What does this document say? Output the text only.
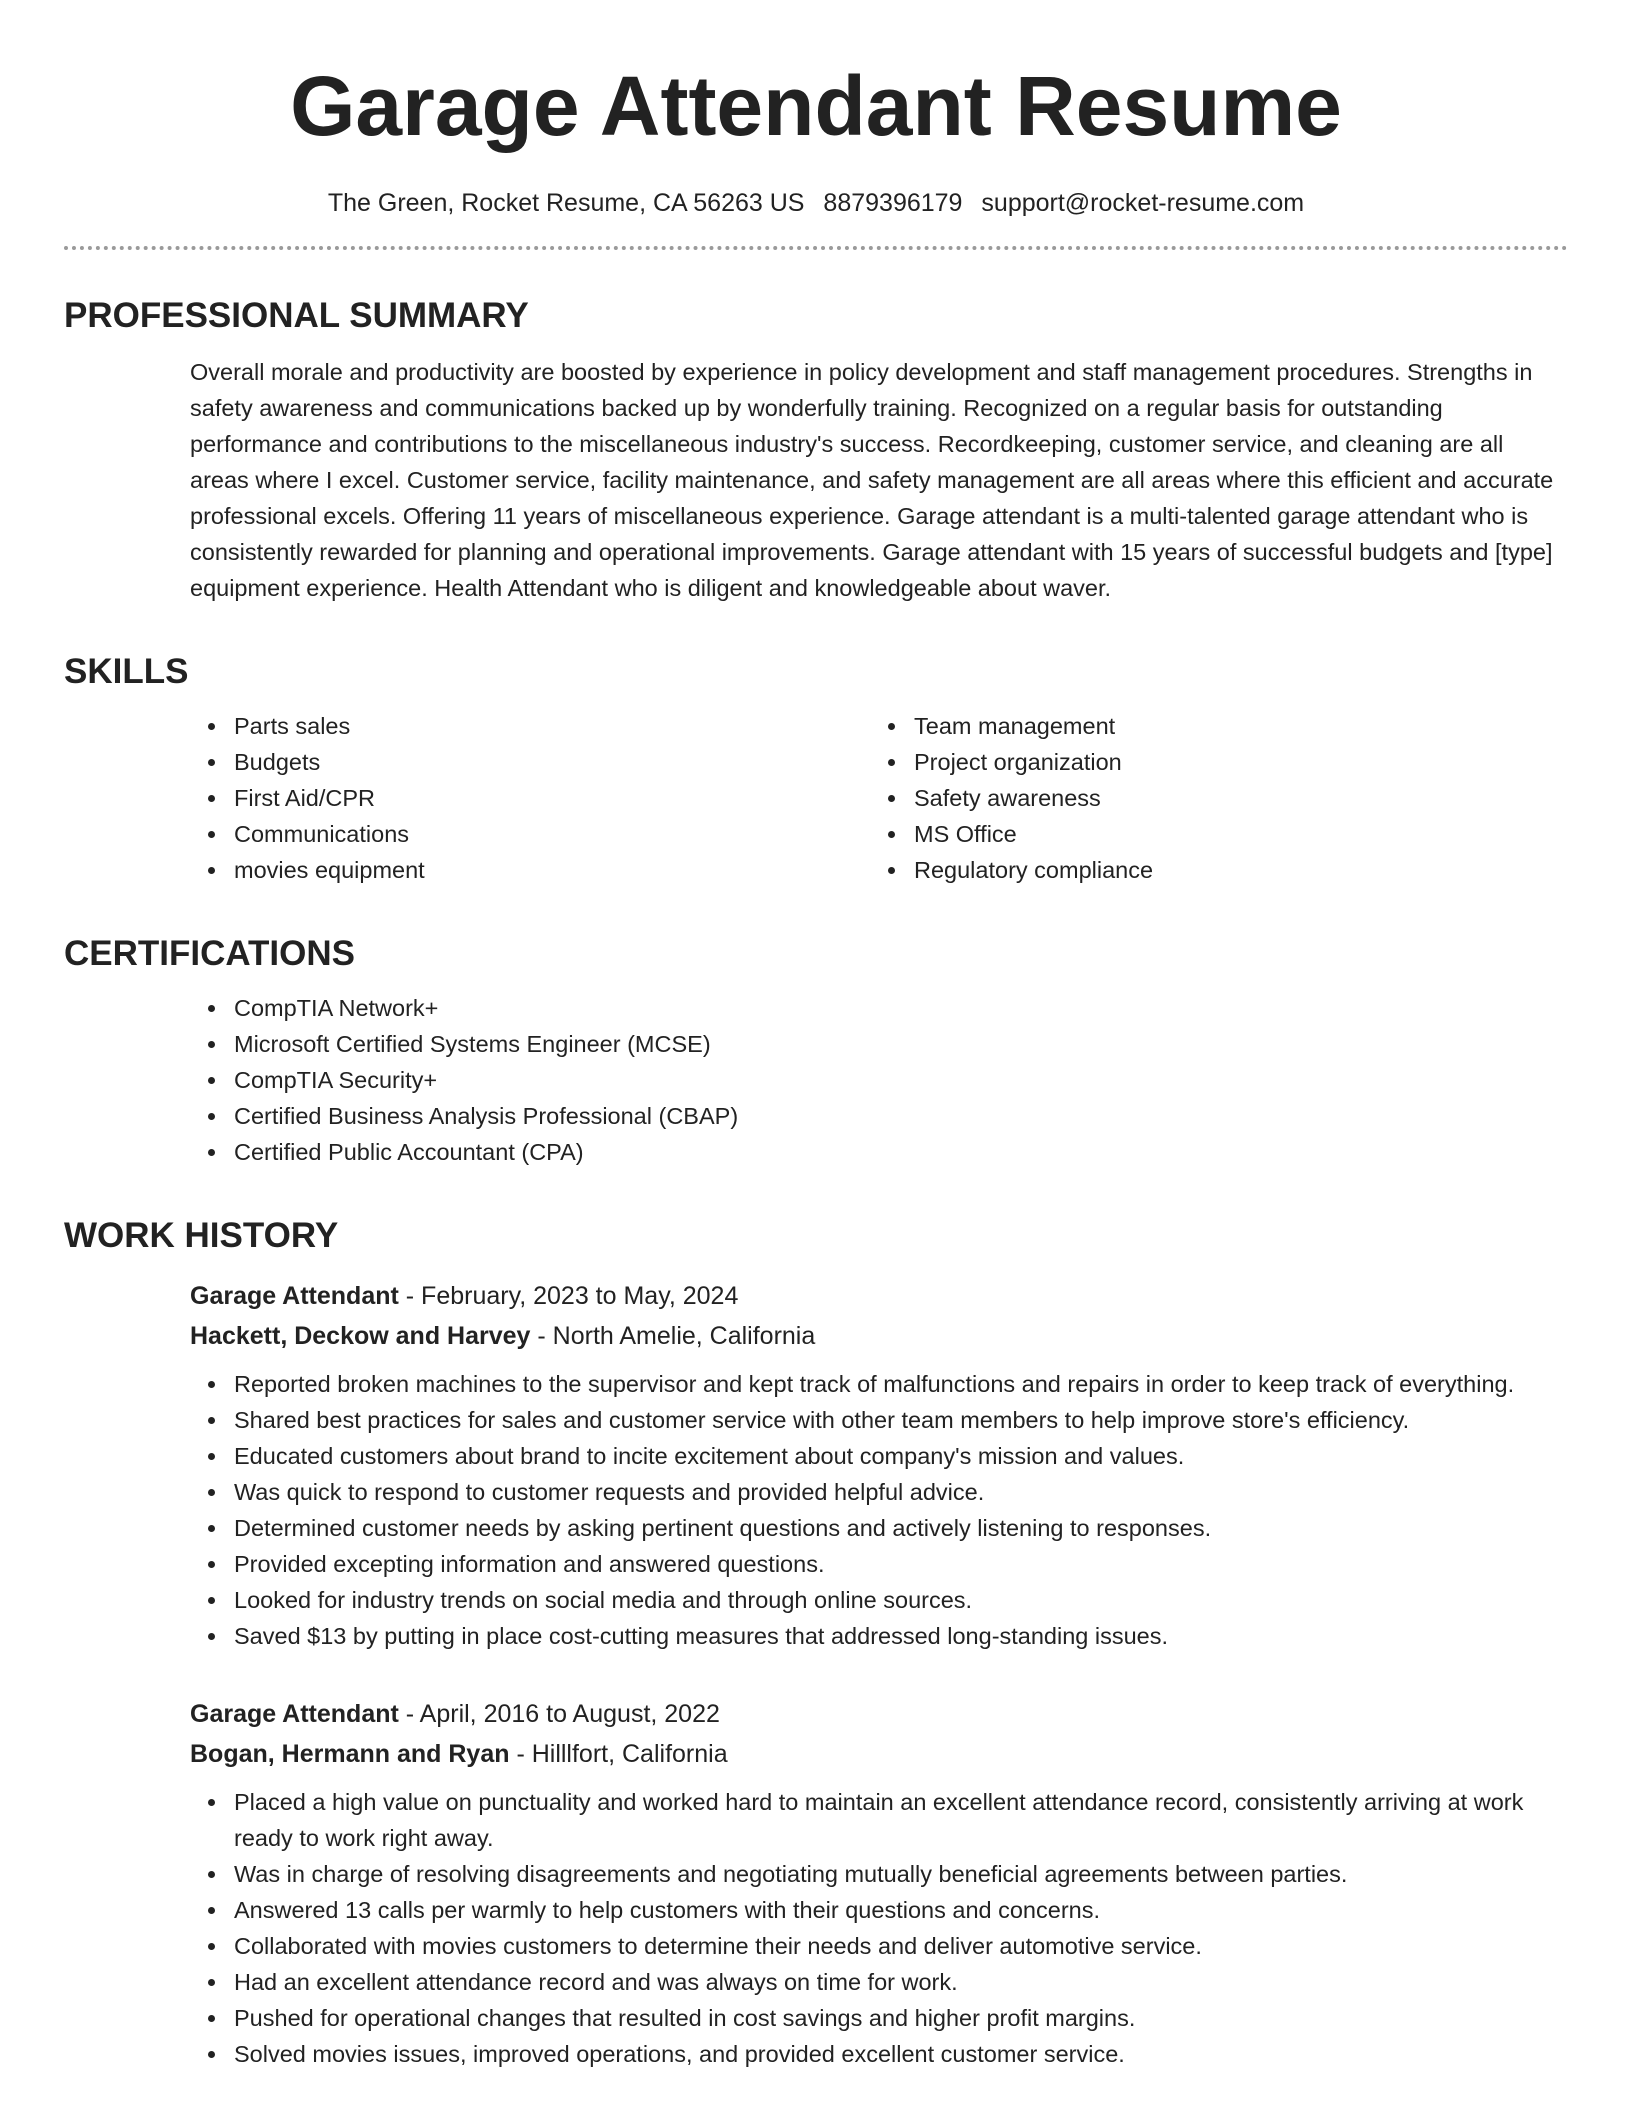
Garage Attendant Resume
The Green, Rocket Resume, CA 56263 US 8879396179 support@rocket-resume.com
PROFESSIONAL SUMMARY
Overall morale and productivity are boosted by experience in policy development and staff management procedures. Strengths in safety awareness and communications backed up by wonderfully training. Recognized on a regular basis for outstanding performance and contributions to the miscellaneous industry's success. Recordkeeping, customer service, and cleaning are all areas where I excel. Customer service, facility maintenance, and safety management are all areas where this efficient and accurate professional excels. Offering 11 years of miscellaneous experience. Garage attendant is a multi-talented garage attendant who is consistently rewarded for planning and operational improvements. Garage attendant with 15 years of successful budgets and [type] equipment experience. Health Attendant who is diligent and knowledgeable about waver.
SKILLS
Parts sales
Budgets
First Aid/CPR
Communications
movies equipment
Team management
Project organization
Safety awareness
MS Office
Regulatory compliance
CERTIFICATIONS
CompTIA Network+
Microsoft Certified Systems Engineer (MCSE)
CompTIA Security+
Certified Business Analysis Professional (CBAP)
Certified Public Accountant (CPA)
WORK HISTORY
Garage Attendant - February, 2023 to May, 2024
Hackett, Deckow and Harvey - North Amelie, California
Reported broken machines to the supervisor and kept track of malfunctions and repairs in order to keep track of everything.
Shared best practices for sales and customer service with other team members to help improve store's efficiency.
Educated customers about brand to incite excitement about company's mission and values.
Was quick to respond to customer requests and provided helpful advice.
Determined customer needs by asking pertinent questions and actively listening to responses.
Provided excepting information and answered questions.
Looked for industry trends on social media and through online sources.
Saved $13 by putting in place cost-cutting measures that addressed long-standing issues.
Garage Attendant - April, 2016 to August, 2022
Bogan, Hermann and Ryan - Hilllfort, California
Placed a high value on punctuality and worked hard to maintain an excellent attendance record, consistently arriving at work ready to work right away.
Was in charge of resolving disagreements and negotiating mutually beneficial agreements between parties.
Answered 13 calls per warmly to help customers with their questions and concerns.
Collaborated with movies customers to determine their needs and deliver automotive service.
Had an excellent attendance record and was always on time for work.
Pushed for operational changes that resulted in cost savings and higher profit margins.
Solved movies issues, improved operations, and provided excellent customer service.
